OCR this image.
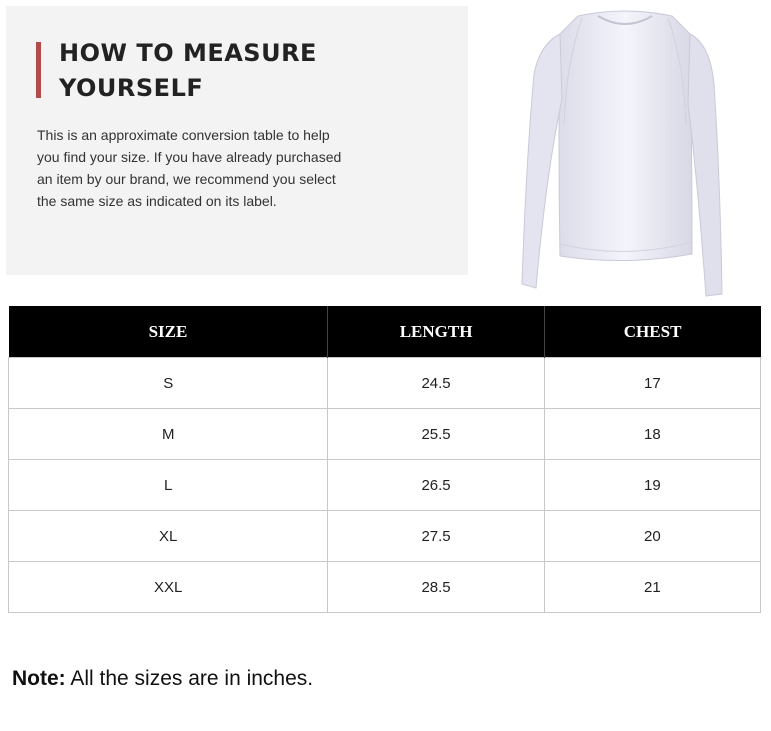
HOW TO MEASURE
YOURSELF

This is an approximate conversion table to help you find your size. If you have already purchased an item by our brand, we recommend you select the same size as indicated on its label.

SIZE	LENGTH	CHEST
S	24.5	17
M	25.5	18
L	26.5	19
XL	27.5	20
XXL	28.5	21

Note: All the sizes are in inches.
